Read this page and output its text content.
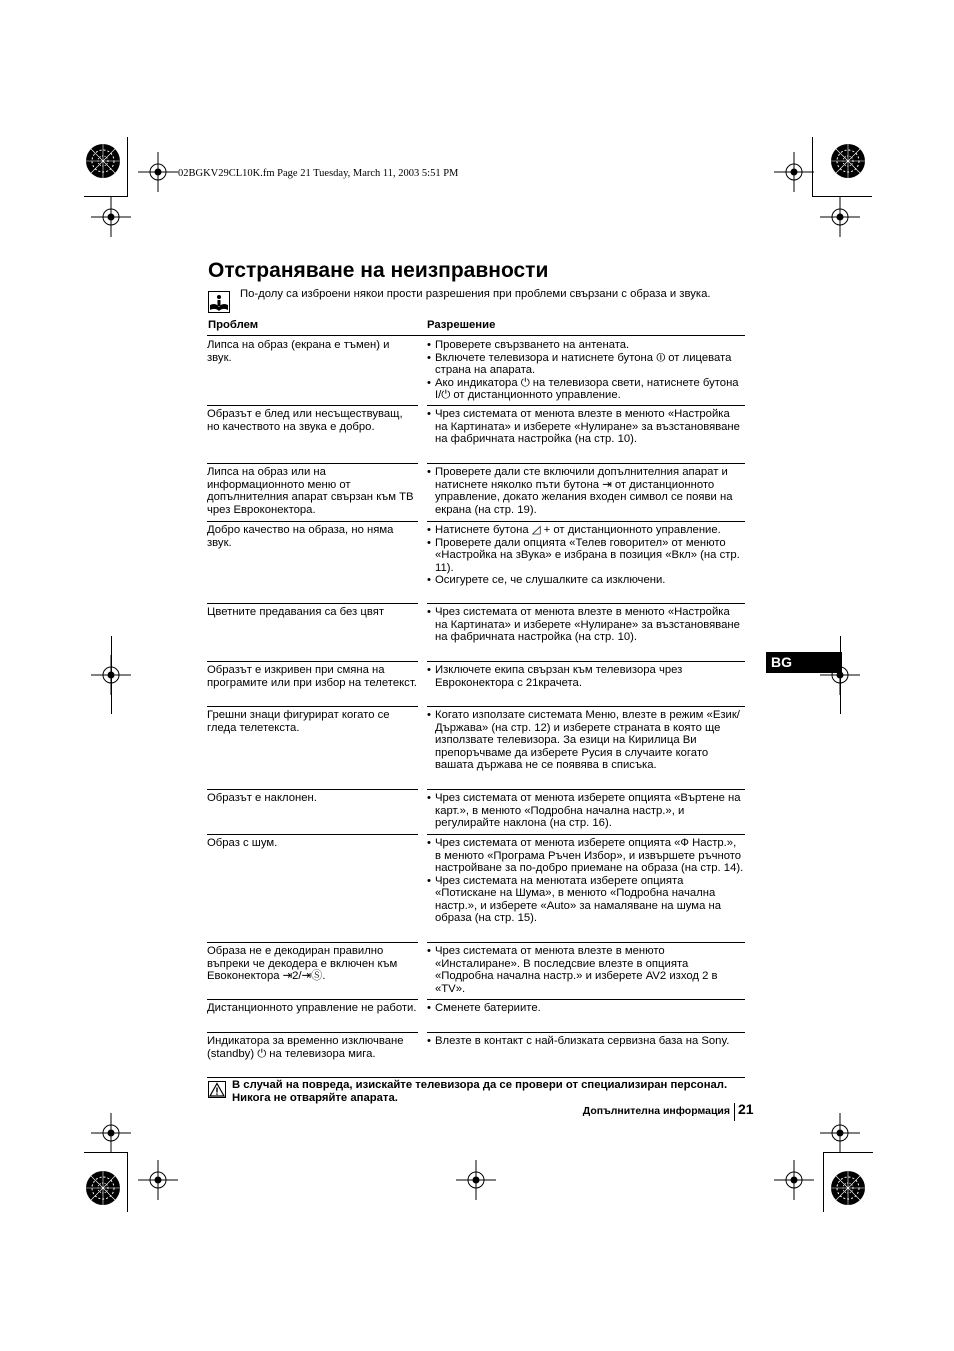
02BGKV29CL10K.fm Page 21 Tuesday, March 11, 2003 5:51 PM
Отстраняване на неизправности
По-долу са изброени някои прости разрешения при проблеми свързани с образа и звука.
Проблем	Разрешение
Липса на образ (екрана е тъмен) и звук.
• Проверете свързването на антената.
• Включете телевизора и натиснете бутона ⏼ от лицевата страна на апарата.
• Ако индикатора ⏻ на телевизора свети, натиснете бутона I/⏻ от дистанционното управление.
Образът е блед или несъществуващ, но качеството на звука е добро.
• Чрез системата от менюта влезте в менюто «Настройка на Картината» и изберете «Нулиране» за възстановяване на фабричната настройка (на стр. 10).
Липса на образ или на информационното меню от допълнителния апарат свързан към ТВ чрез Евроконектора.
• Проверете дали сте включили допълнителния апарат и натиснете няколко пъти бутона ⇥ от дистанционното управление, докато желания входен символ се появи на екрана (на стр. 19).
Добро качество на образа, но няма звук.
• Натиснете бутона ◿ + от дистанционното управление.
• Проверете дали опцията «Телев говорител» от менюто «Настройка на зВука» е избрана в позиция «Вкл» (на стр. 11).
• Осигурете се, че слушалките са изключени.
Цветните предавания са без цвят	• Чрез системата от менюта влезте в менюто «Настройка на Картината» и изберете «Нулиране» за възстановяване на фабричната настройка (на стр. 10).
Образът е изкривен при смяна на програмите или при избор на телетекст.
• Изключете екипа свързан към телевизора чрез Евроконектора с 21крачета.
Грешни знаци фигурират когато се гледа телетекста.
• Когато използате системата Меню, влезте в режим «Език/Държава» (на стр. 12) и изберете страната в която ще използвате телевизора. За езици на Кирилица Ви препоръчваме да изберете Русия в случаите когато вашата държава не се появява в списъка.
Образът е наклонен.	• Чрез системата от менюта изберете опцията «Въртене на карт.», в менюто «Подробна начална настр.», и регулирайте наклона (на стр. 16).
Образ с шум.	• Чрез системата от менюта изберете опцията «Ф Настр.», в менюто «Програма Ръчен Избор», и извършете ръчното настройване за по-добро приемане на образа (на стр. 14).
• Чрез системата на менютата изберете опцията «Потискане на Шума», в менюто «Подробна начална настр.», и изберете «Auto» за намаляване на шума на образа (на стр. 15).
Образа не е декодиран правилно въпреки че декодера е включен към Евоконектора ⇥2/⇥Ⓢ.
• Чрез системата от менюта влезте в менюто «Инсталиране». В последсвие влезте в опцията «Подробна начална настр.» и изберете AV2 изход 2 в «TV».
Дистанционното управление не работи.	• Сменете батериите.
Индикатора за временно изключване (standby) ⏻ на телевизора мига.
• Влезте в контакт с най-близката сервизна база на Sony.
BG
В случай на повреда, изискайте телевизора да се провери от специализиран персонал.
Никога не отваряйте апарата.
Допълнителна информация 21
